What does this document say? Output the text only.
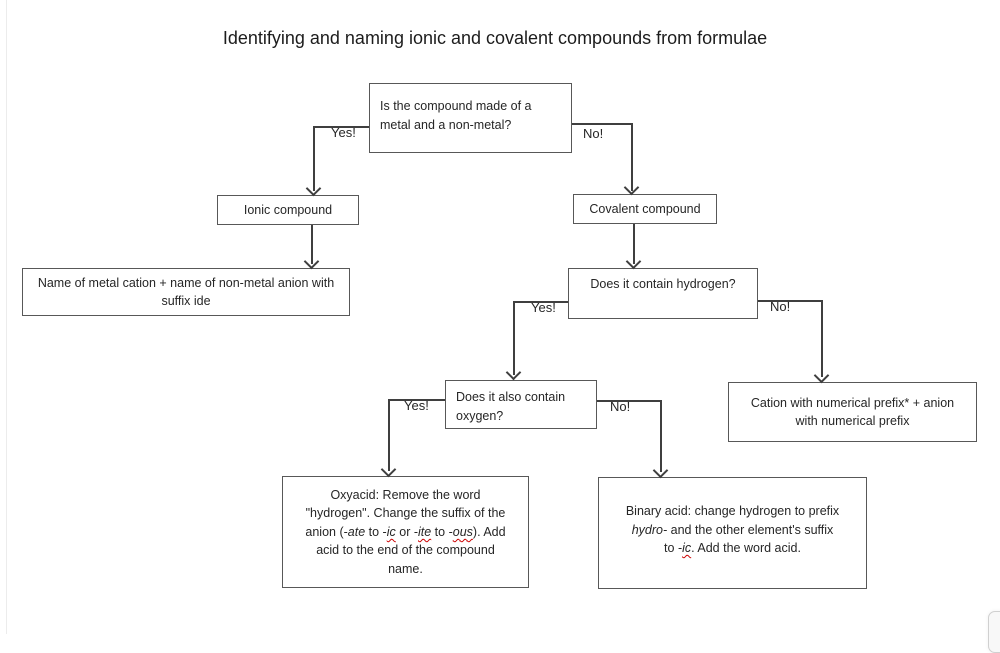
Identifying and naming ionic and covalent compounds from formulae
Is the compound made of a metal and a non-metal?
Ionic compound	Covalent compound
Name of metal cation + name of non-metal anion with suffix ide
Does it contain hydrogen?
Does it also contain oxygen?
Cation with numerical prefix* + anion with numerical prefix
Oxyacid: Remove the word
"hydrogen". Change the suffix of the
anion (-ate to -ic or -ite to -ous). Add
acid to the end of the compound
name.
Binary acid: change hydrogen to prefix
hydro- and the other element's suffix
to -ic. Add the word acid.
Yes!	No!
Yes!	No!
Yes!	No!
